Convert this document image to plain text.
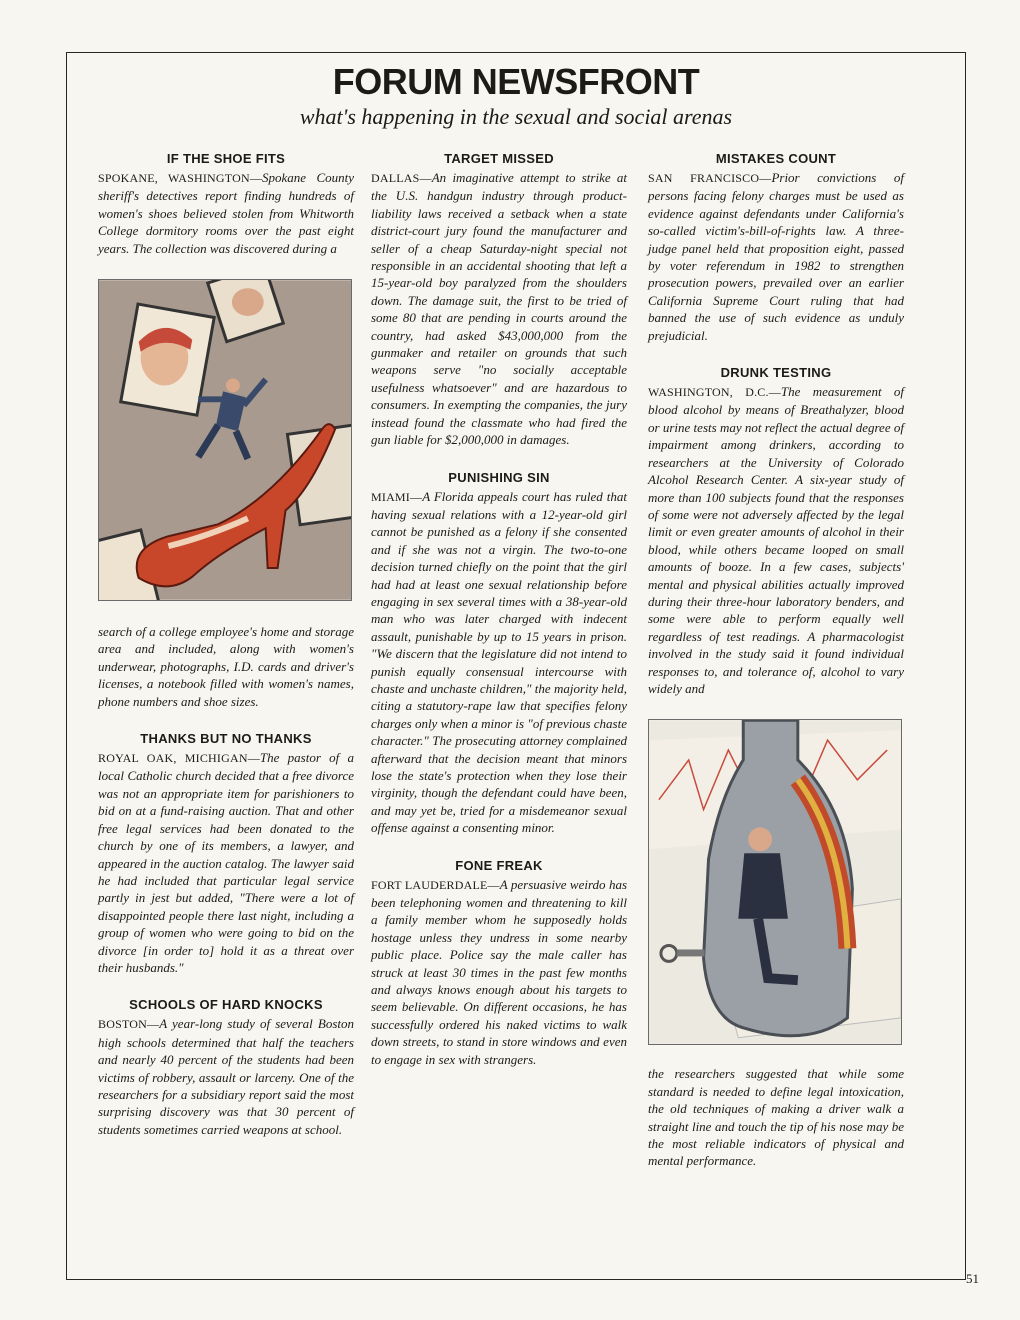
FORUM NEWSFRONT
what's happening in the sexual and social arenas
IF THE SHOE FITS

SPOKANE, WASHINGTON—Spokane County sheriff's detectives report finding hundreds of women's shoes believed stolen from Whitworth College dormitory rooms over the past eight years. The collection was discovered during a

search of a college employee's home and storage area and included, along with women's underwear, photographs, I.D. cards and driver's licenses, a notebook filled with women's names, phone numbers and shoe sizes.

THANKS BUT NO THANKS

ROYAL OAK, MICHIGAN—The pastor of a local Catholic church decided that a free divorce was not an appropriate item for parishioners to bid on at a fund-raising auction. That and other free legal services had been donated to the church by one of its members, a lawyer, and appeared in the auction catalog. The lawyer said he had included that particular legal service partly in jest but added, "There were a lot of disappointed people there last night, including a group of women who were going to bid on the divorce [in order to] hold it as a threat over their husbands."

SCHOOLS OF HARD KNOCKS

BOSTON—A year-long study of several Boston high schools determined that half the teachers and nearly 40 percent of the students had been victims of robbery, assault or larceny. One of the researchers for a subsidiary report said the most surprising discovery was that 30 percent of students sometimes carried weapons at school.

TARGET MISSED

DALLAS—An imaginative attempt to strike at the U.S. handgun industry through product-liability laws received a setback when a state district-court jury found the manufacturer and seller of a cheap Saturday-night special not responsible in an accidental shooting that left a 15-year-old boy paralyzed from the shoulders down. The damage suit, the first to be tried of some 80 that are pending in courts around the country, had asked $43,000,000 from the gunmaker and retailer on grounds that such weapons serve "no socially acceptable usefulness whatsoever" and are hazardous to consumers. In exempting the companies, the jury instead found the classmate who had fired the gun liable for $2,000,000 in damages.

PUNISHING SIN

MIAMI—A Florida appeals court has ruled that having sexual relations with a 12-year-old girl cannot be punished as a felony if she consented and if she was not a virgin. The two-to-one decision turned chiefly on the point that the girl had had at least one sexual relationship before engaging in sex several times with a 38-year-old man who was later charged with indecent assault, punishable by up to 15 years in prison. "We discern that the legislature did not intend to punish equally consensual intercourse with chaste and unchaste children," the majority held, citing a statutory-rape law that specifies felony charges only when a minor is "of previous chaste character." The prosecuting attorney complained afterward that the decision meant that minors lose the state's protection when they lose their virginity, though the defendant could have been, and may yet be, tried for a misdemeanor sexual offense against a consenting minor.

FONE FREAK

FORT LAUDERDALE—A persuasive weirdo has been telephoning women and threatening to kill a family member whom he supposedly holds hostage unless they undress in some nearby public place. Police say the male caller has struck at least 30 times in the past few months and always knows enough about his targets to seem believable. On different occasions, he has successfully ordered his naked victims to walk down streets, to stand in store windows and even to engage in sex with strangers.

MISTAKES COUNT

SAN FRANCISCO—Prior convictions of persons facing felony charges must be used as evidence against defendants under California's so-called victim's-bill-of-rights law. A three-judge panel held that proposition eight, passed by voter referendum in 1982 to strengthen prosecution powers, prevailed over an earlier California Supreme Court ruling that had banned the use of such evidence as unduly prejudicial.

DRUNK TESTING

WASHINGTON, D.C.—The measurement of blood alcohol by means of Breathalyzer, blood or urine tests may not reflect the actual degree of impairment among drinkers, according to researchers at the University of Colorado Alcohol Research Center. A six-year study of more than 100 subjects found that the responses of some were not adversely affected by the legal limit or even greater amounts of alcohol in their blood, while others became looped on small amounts of booze. In a few cases, subjects' mental and physical abilities actually improved during their three-hour laboratory benders, and some were able to perform equally well regardless of test readings. A pharmacologist involved in the study said it found individual responses to, and tolerance of, alcohol to vary widely and

the researchers suggested that while some standard is needed to define legal intoxication, the old techniques of making a driver walk a straight line and touch the tip of his nose may be the most reliable indicators of physical and mental performance.

51
